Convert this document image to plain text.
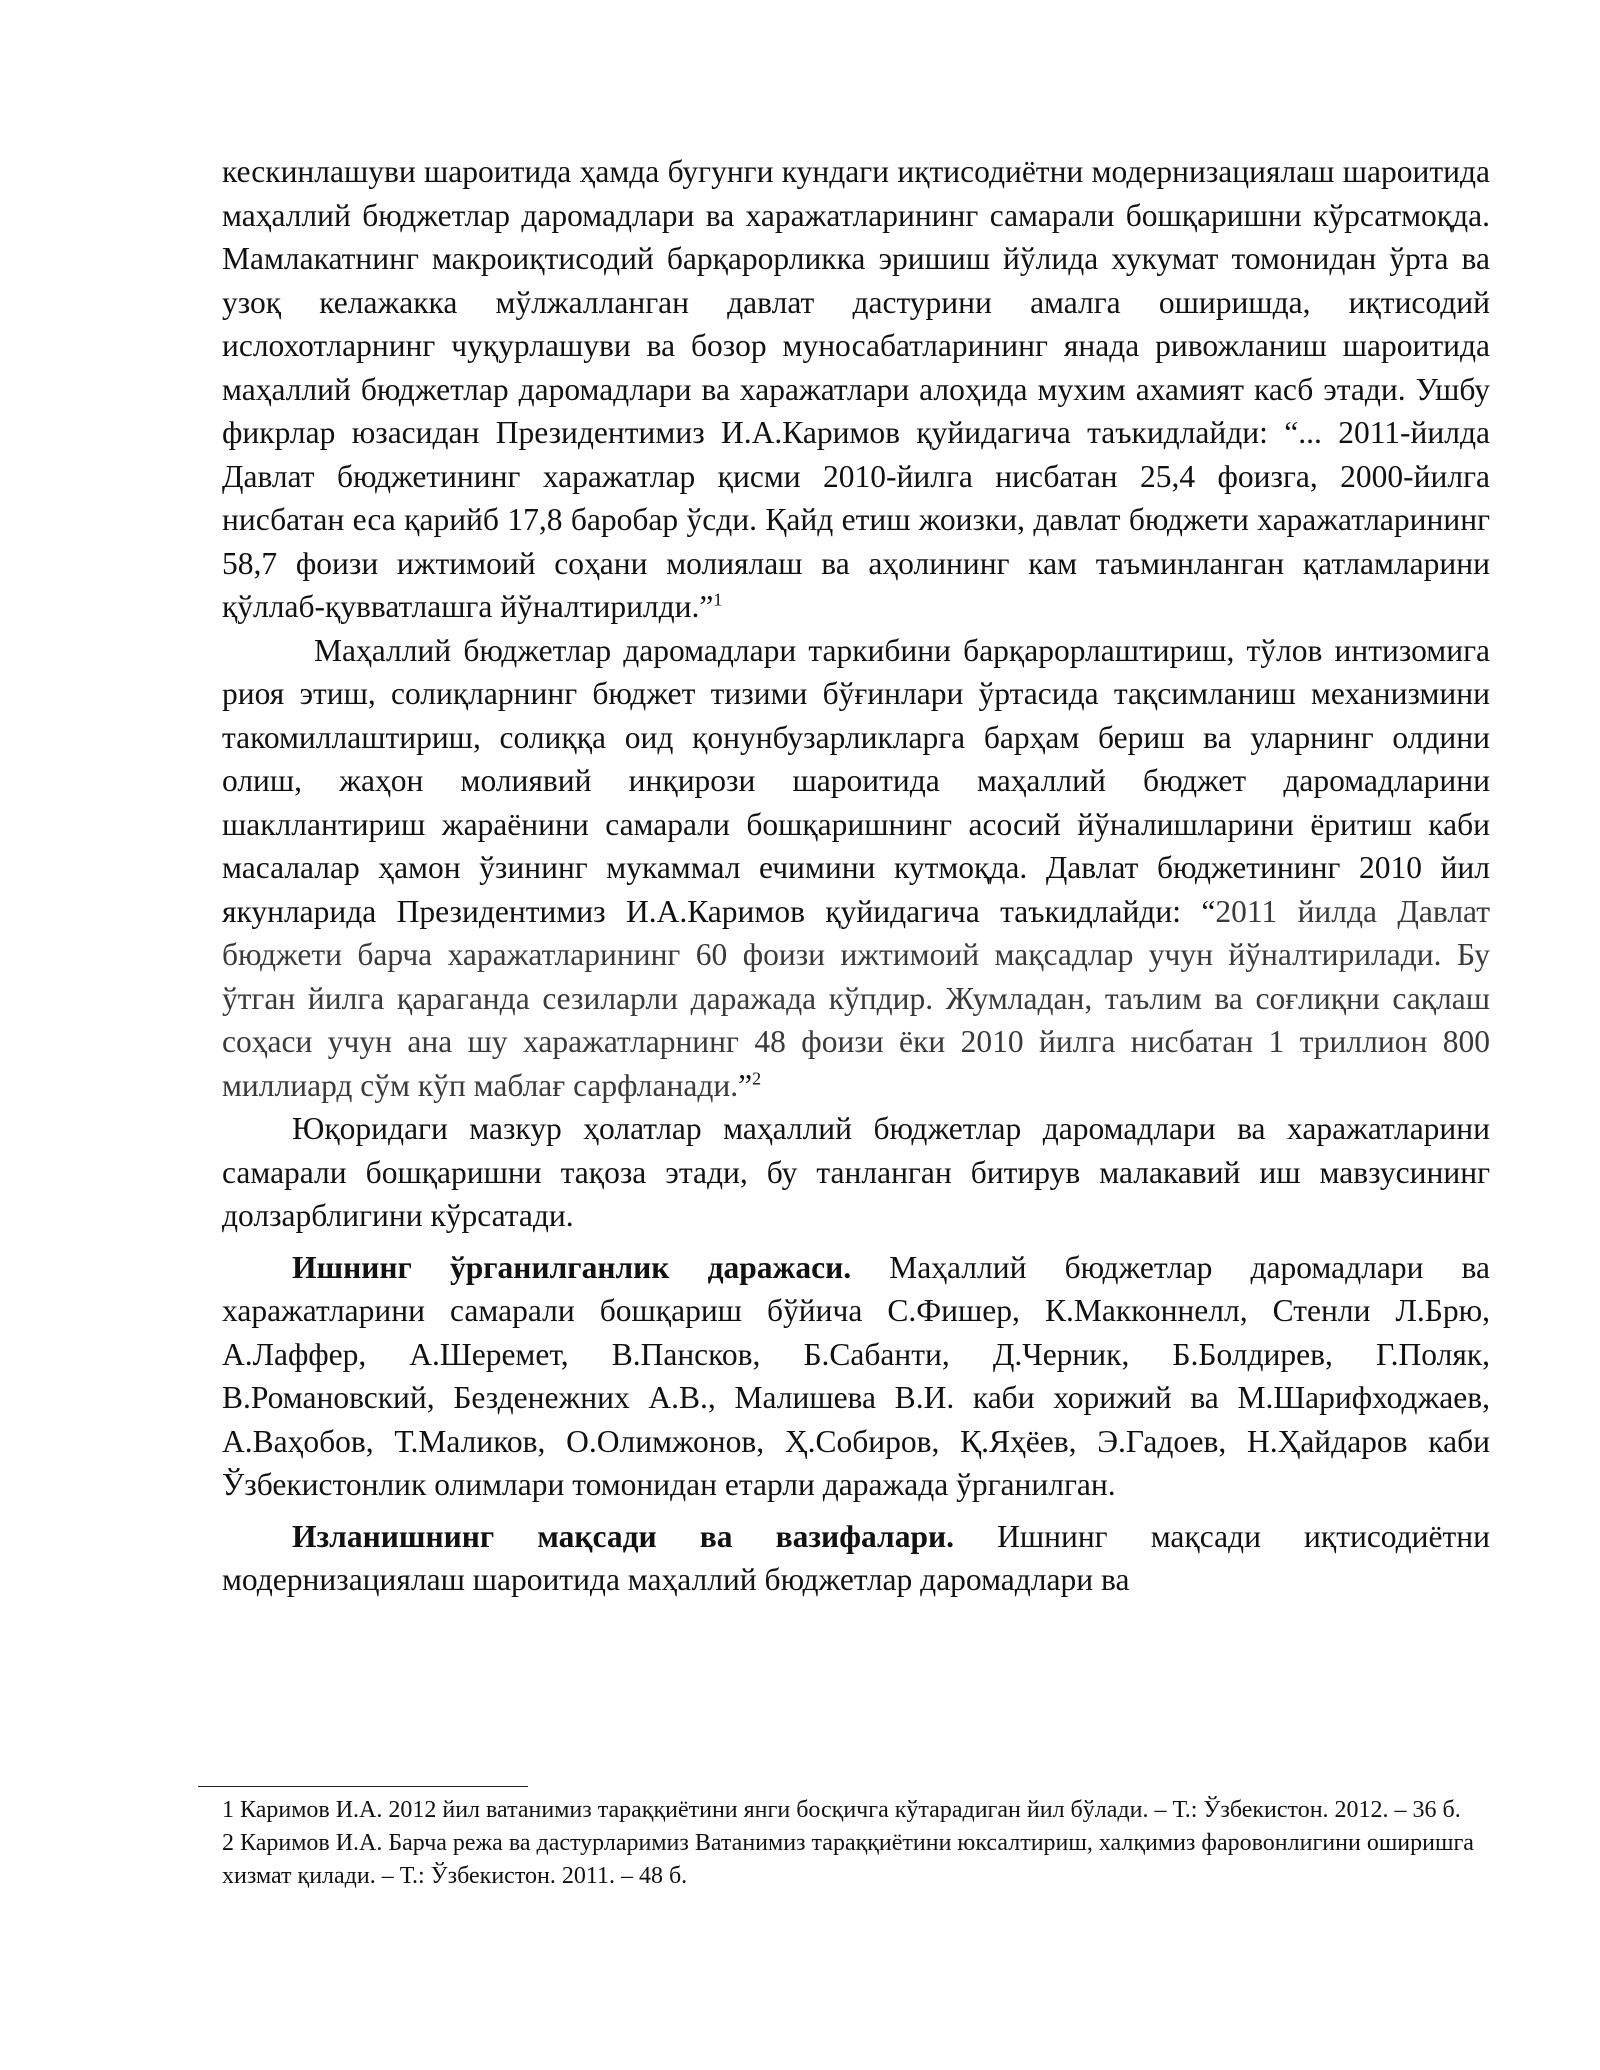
кескинлашуви шароитида ҳамда бугунги кундаги иқтисодиётни модернизациялаш шароитида маҳаллий бюджетлар даромадлари ва харажатларининг самарали бошқаришни кўрсатмоқда. Мамлакатнинг макроиқтисодий барқарорликка эришиш йўлида хукумат томонидан ўрта ва узоқ келажакка мўлжалланган давлат дастурини амалга оширишда, иқтисодий ислохотларнинг чуқурлашуви ва бозор муносабатларининг янада ривожланиш шароитида маҳаллий бюджетлар даромадлари ва харажатлари алоҳида мухим ахамият касб этади. Ушбу фикрлар юзасидан Президентимиз И.А.Каримов қуйидагича таъкидлайди: “... 2011-йилда Давлат бюджетининг харажатлар қисми 2010-йилга нисбатан 25,4 фоизга, 2000-йилга нисбатан еса қарийб 17,8 баробар ўсди. Қайд етиш жоизки, давлат бюджети харажатларининг 58,7 фоизи ижтимоий соҳани молиялаш ва аҳолининг кам таъминланган қатламларини қўллаб-қувватлашга йўналтирилди.”$^1$

Маҳаллий бюджетлар даромадлари таркибини барқарорлаштириш, тўлов интизомига риоя этиш, солиқларнинг бюджет тизими бўғинлари ўртасида тақсимланиш механизмини такомиллаштириш, солиққа оид қонунбузарликларга барҳам бериш ва уларнинг олдини олиш, жаҳон молиявий инқирози шароитида маҳаллий бюджет даромадларини шакллантириш жараёнини самарали бошқаришнинг асосий йўналишларини ёритиш каби масалалар ҳамон ўзининг мукаммал ечимини кутмоқда. Давлат бюджетининг 2010 йил якунларида Президентимиз И.А.Каримов қуйидагича таъкидлайди: “2011 йилда Давлат бюджети барча харажатларининг 60 фоизи ижтимоий мақсадлар учун йўналтирилади. Бу ўтган йилга қараганда сезиларли даражада кўпдир. Жумладан, таълим ва соғлиқни сақлаш соҳаси учун ана шу харажатларнинг 48 фоизи ёки 2010 йилга нисбатан 1 триллион 800 миллиард сўм кўп маблағ сарфланади.”$^2$

Юқоридаги мазкур ҳолатлар маҳаллий бюджетлар даромадлари ва харажатларини самарали бошқаришни тақоза этади, бу танланган битирув малакавий иш мавзусининг долзарблигини кўрсатади.

Ишнинг ўрганилганлик даражаси. Маҳаллий бюджетлар даромадлари ва харажатларини самарали бошқариш бўйича С.Фишер, К.Макконнелл, Стенли Л.Брю, А.Лаффер, А.Шеремет, В.Пансков, Б.Сабанти, Д.Черник, Б.Болдирев, Г.Поляк, В.Романовский, Безденежних А.В., Малишева В.И. каби хорижий ва М.Шарифходжаев, А.Ваҳобов, Т.Маликов, О.Олимжонов, Ҳ.Собиров, Қ.Яҳёев, Э.Гадоев, Н.Ҳайдаров каби Ўзбекистонлик олимлари томонидан етарли даражада ўрганилган.

Изланишнинг мақсади ва вазифалари. Ишнинг мақсади иқтисодиётни модернизациялаш шароитида маҳаллий бюджетлар даромадлари ва

1 Каримов И.А. 2012 йил ватанимиз тараққиётини янги босқичга кўтарадиган йил бўлади. – Т.: Ўзбекистон. 2012. – 36 б.

2 Каримов И.А. Барча режа ва дастурларимиз Ватанимиз тараққиётини юксалтириш, халқимиз фаровонлигини оширишга хизмат қилади. – Т.: Ўзбекистон. 2011. – 48 б.
